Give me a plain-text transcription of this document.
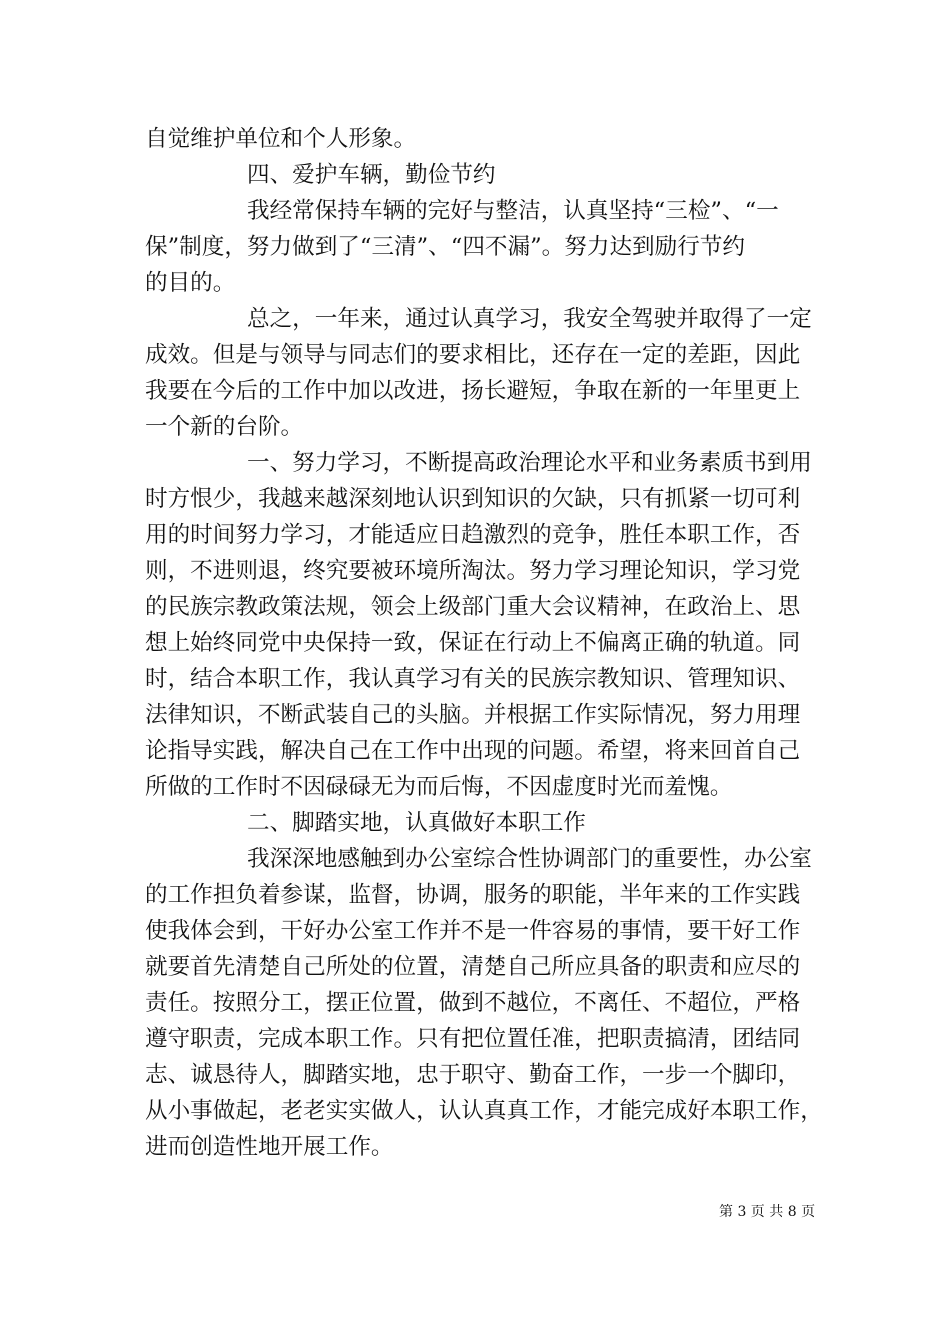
自觉维护单位和个人形象。
四、爱护车辆，勤俭节约
我经常保持车辆的完好与整洁，认真坚持“三检”、“一
保”制度，努力做到了“三清”、“四不漏”。努力达到励行节约
的目的。
总之，一年来，通过认真学习，我安全驾驶并取得了一定
成效。但是与领导与同志们的要求相比，还存在一定的差距，因此
我要在今后的工作中加以改进，扬长避短，争取在新的一年里更上
一个新的台阶。
一、努力学习，不断提高政治理论水平和业务素质书到用
时方恨少，我越来越深刻地认识到知识的欠缺，只有抓紧一切可利
用的时间努力学习，才能适应日趋激烈的竞争，胜任本职工作，否
则，不进则退，终究要被环境所淘汰。努力学习理论知识，学习党
的民族宗教政策法规，领会上级部门重大会议精神，在政治上、思
想上始终同党中央保持一致，保证在行动上不偏离正确的轨道。同
时，结合本职工作，我认真学习有关的民族宗教知识、管理知识、
法律知识，不断武装自己的头脑。并根据工作实际情况，努力用理
论指导实践，解决自己在工作中出现的问题。希望，将来回首自己
所做的工作时不因碌碌无为而后悔，不因虚度时光而羞愧。
二、脚踏实地，认真做好本职工作
我深深地感触到办公室综合性协调部门的重要性，办公室
的工作担负着参谋，监督，协调，服务的职能，半年来的工作实践
使我体会到，干好办公室工作并不是一件容易的事情，要干好工作
就要首先清楚自己所处的位置，清楚自己所应具备的职责和应尽的
责任。按照分工，摆正位置，做到不越位，不离任、不超位，严格
遵守职责，完成本职工作。只有把位置任准，把职责搞清，团结同
志、诚恳待人，脚踏实地，忠于职守、勤奋工作，一步一个脚印，
从小事做起，老老实实做人，认认真真工作，才能完成好本职工作，
进而创造性地开展工作。
第 3 页 共 8 页
